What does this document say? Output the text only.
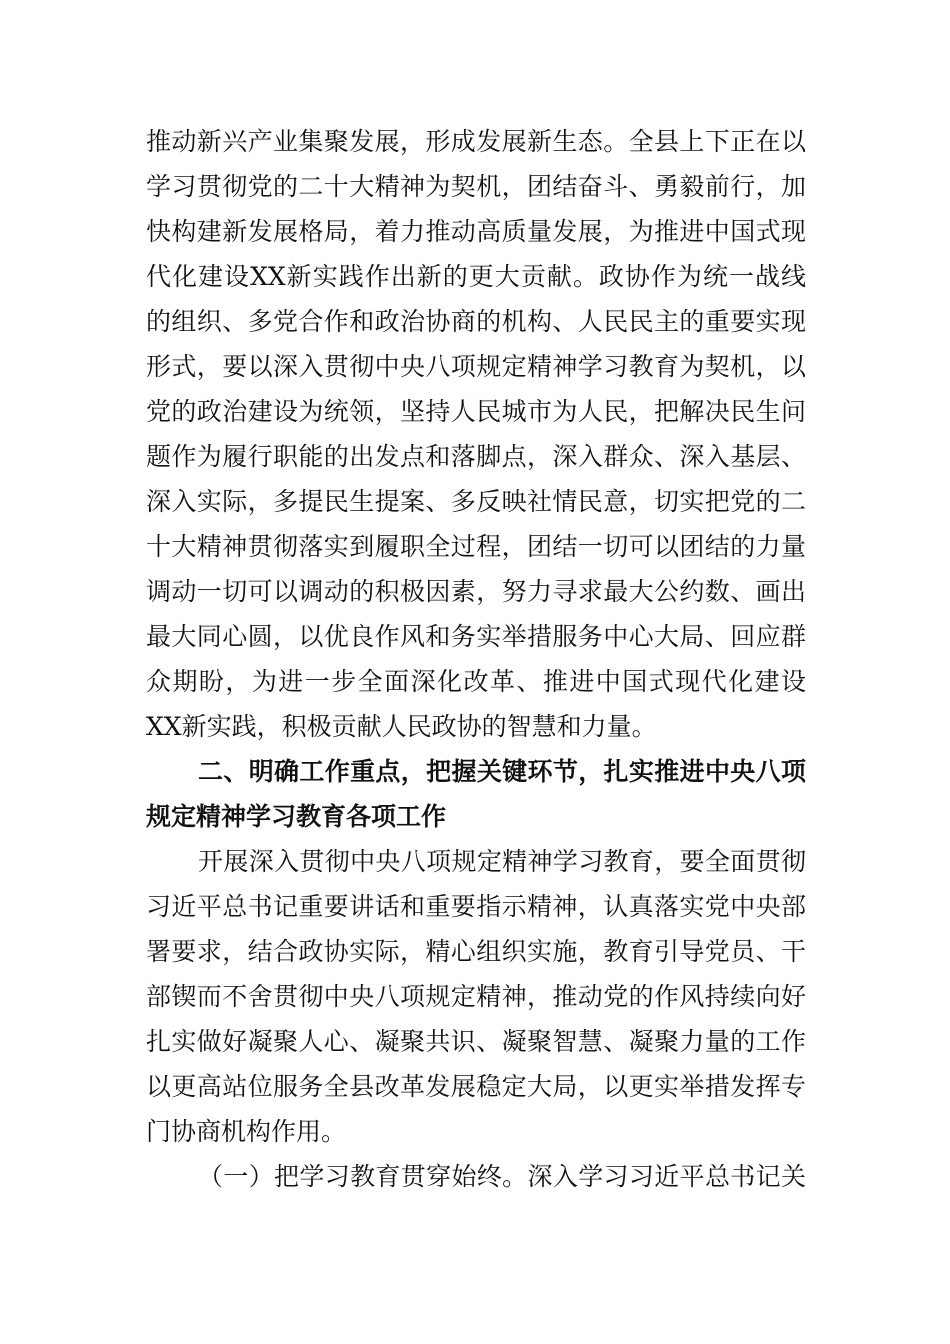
推动新兴产业集聚发展，形成发展新生态。全县上下正在以
学习贯彻党的二十大精神为契机，团结奋斗、勇毅前行，加
快构建新发展格局，着力推动高质量发展，为推进中国式现
代化建设XX新实践作出新的更大贡献。政协作为统一战线
的组织、多党合作和政治协商的机构、人民民主的重要实现
形式，要以深入贯彻中央八项规定精神学习教育为契机，以
党的政治建设为统领，坚持人民城市为人民，把解决民生问
题作为履行职能的出发点和落脚点，深入群众、深入基层、
深入实际，多提民生提案、多反映社情民意，切实把党的二
十大精神贯彻落实到履职全过程，团结一切可以团结的力量
调动一切可以调动的积极因素，努力寻求最大公约数、画出
最大同心圆，以优良作风和务实举措服务中心大局、回应群
众期盼，为进一步全面深化改革、推进中国式现代化建设
XX新实践，积极贡献人民政协的智慧和力量。
二、明确工作重点，把握关键环节，扎实推进中央八项
规定精神学习教育各项工作
开展深入贯彻中央八项规定精神学习教育，要全面贯彻
习近平总书记重要讲话和重要指示精神，认真落实党中央部
署要求，结合政协实际，精心组织实施，教育引导党员、干
部锲而不舍贯彻中央八项规定精神，推动党的作风持续向好
扎实做好凝聚人心、凝聚共识、凝聚智慧、凝聚力量的工作
以更高站位服务全县改革发展稳定大局，以更实举措发挥专
门协商机构作用。
（一）把学习教育贯穿始终。深入学习习近平总书记关
